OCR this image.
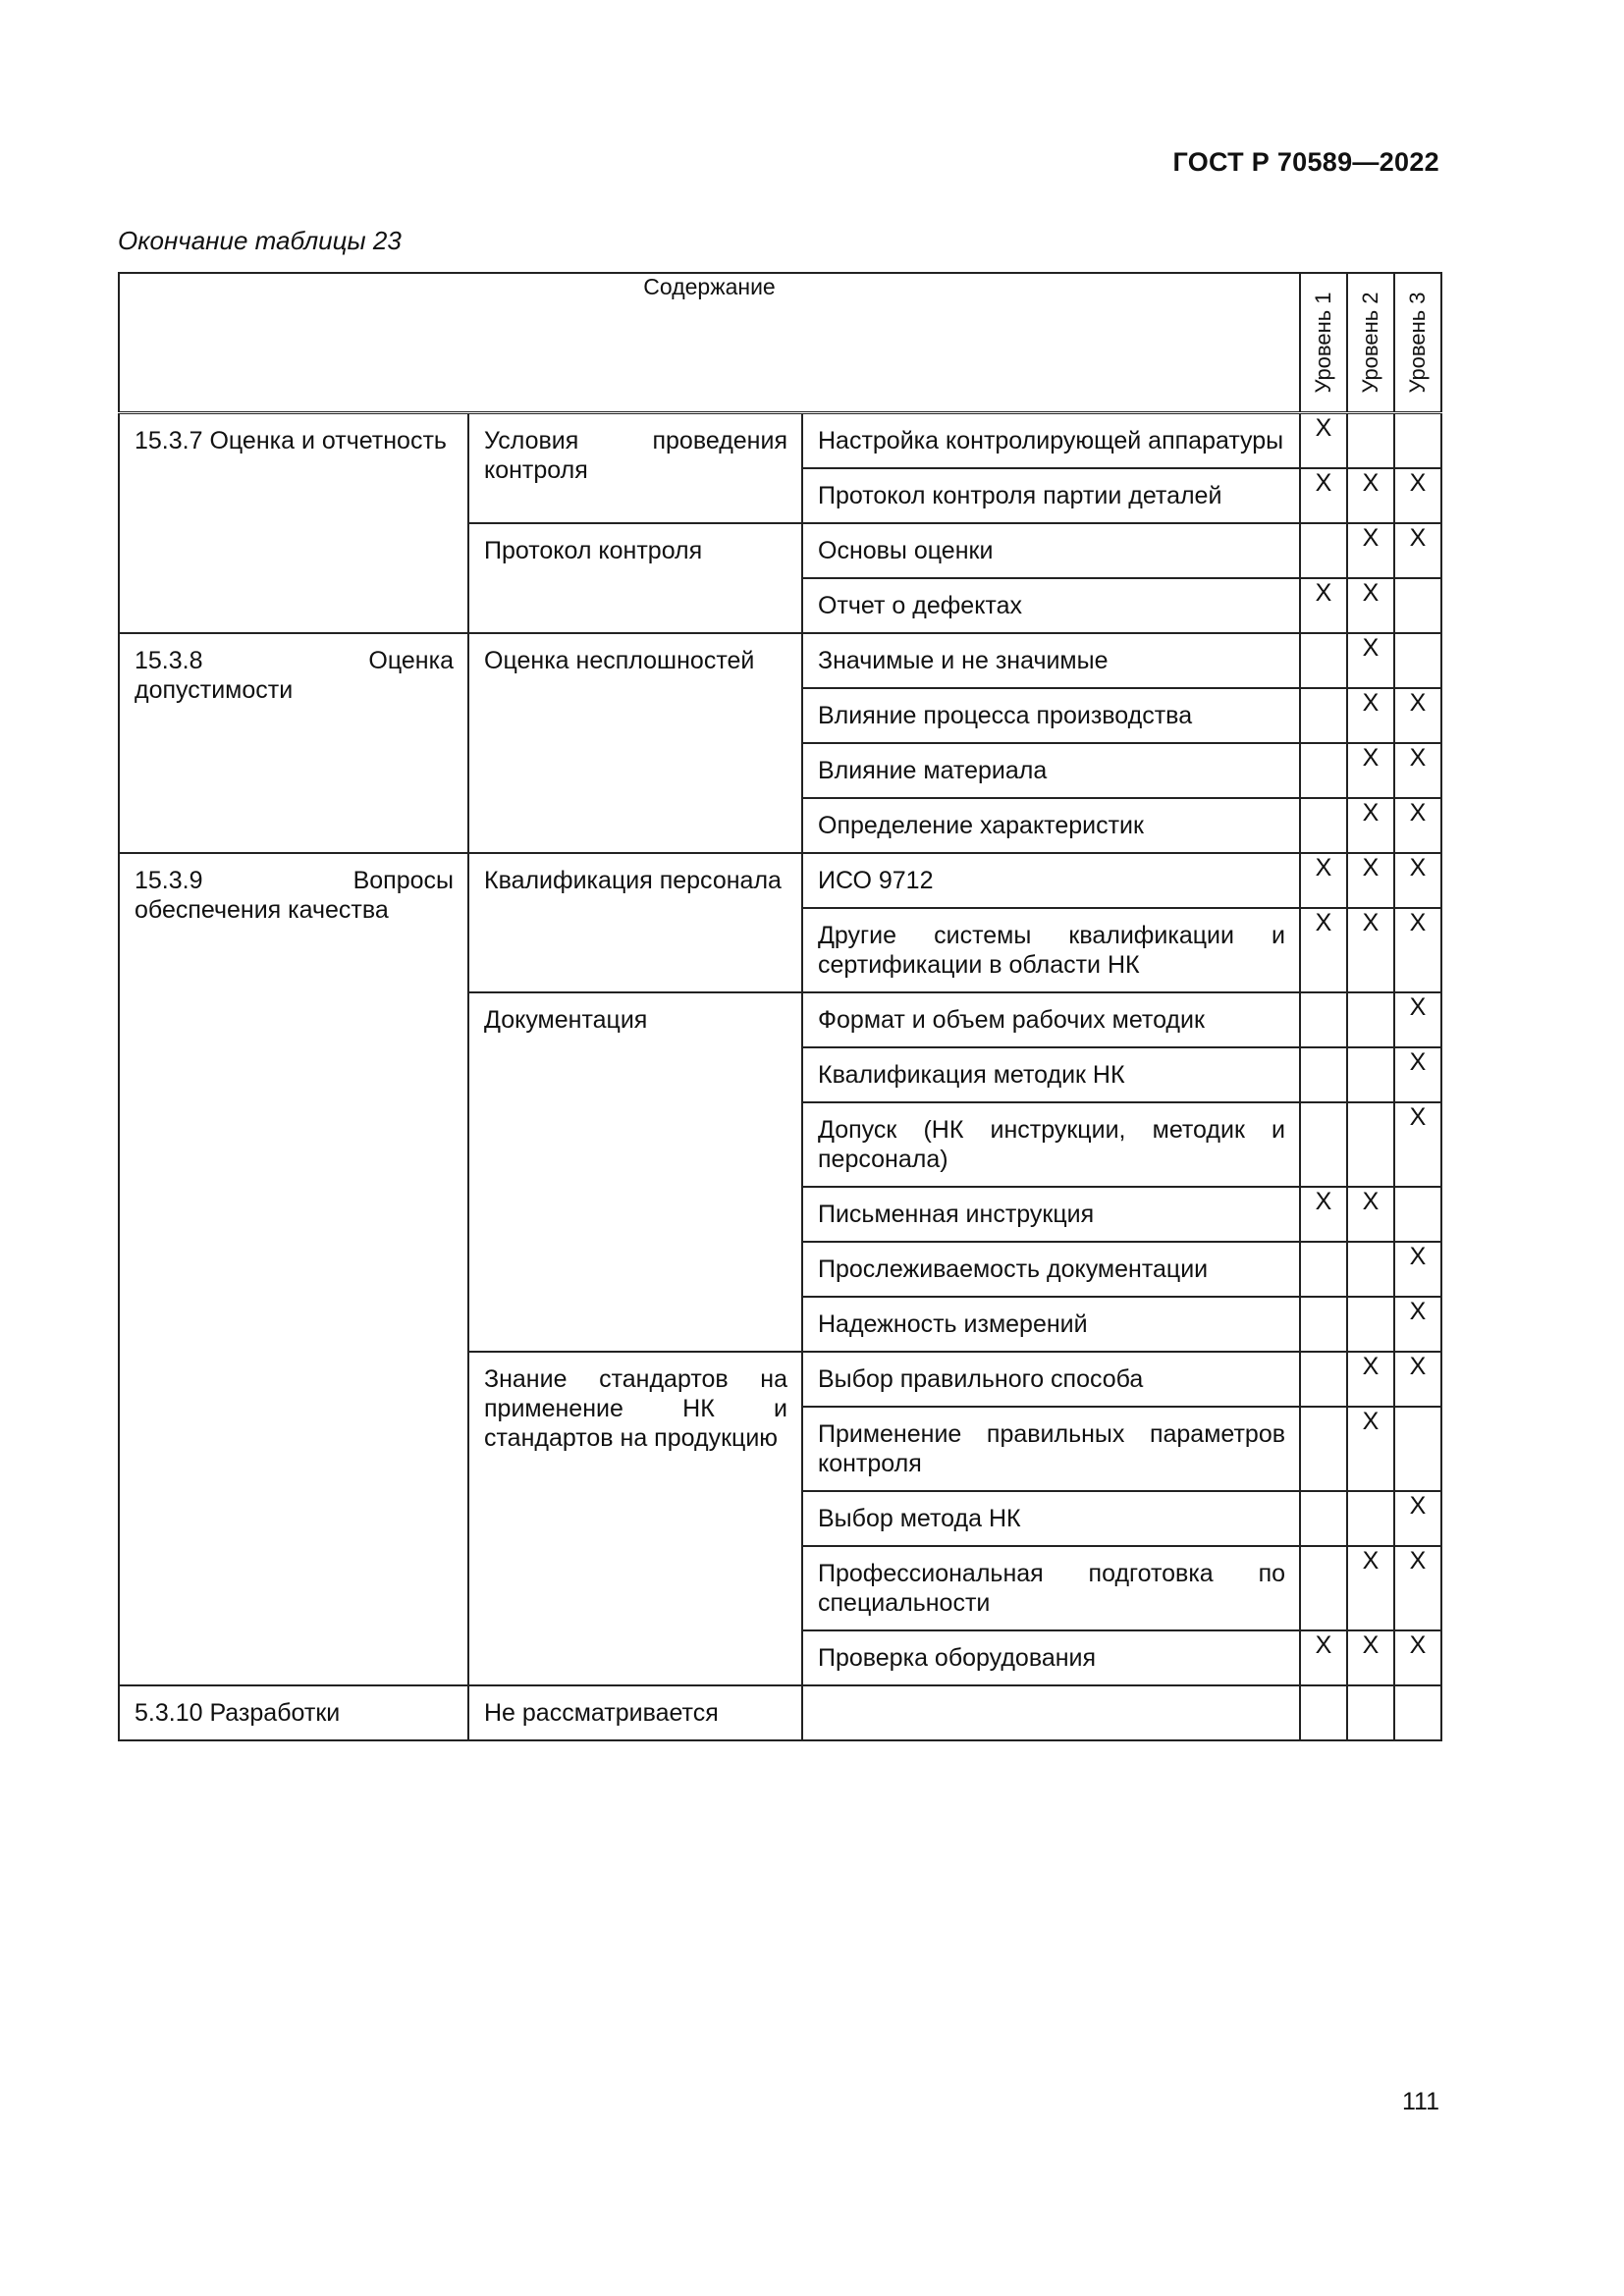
ГОСТ Р 70589—2022
Окончание таблицы 23
Содержание			Уровень 1	Уровень 2	Уровень 3

15.3.7 Оценка и отчетность	Условия проведения контроля	Настройка контролирующей аппаратуры	X		

		Протокол контроля партии деталей	X	X	X

	Протокол контроля	Основы оценки		X	X

		Отчет о дефектах	X	X	

15.3.8 Оценка допустимости	Оценка несплошностей	Значимые и не значимые		X	

		Влияние процесса производства		X	X

		Влияние материала		X	X

		Определение характеристик		X	X

15.3.9 Вопросы обеспечения качества	Квалификация персонала	ИСО 9712	X	X	X

		Другие системы квалификации и сертификации в области НК	X	X	X

	Документация	Формат и объем рабочих методик			X

		Квалификация методик НК			X

		Допуск (НК инструкции, методик и персонала)			X

		Письменная инструкция	X	X	

		Прослеживаемость документации			X

		Надежность измерений			X

	Знание стандартов на применение НК и стандартов на продукцию	Выбор правильного способа		X	X

		Применение правильных параметров контроля		X	

		Выбор метода НК			X

		Профессиональная подготовка по специальности		X	X

		Проверка оборудования	X	X	X

5.3.10 Разработки	Не рассматривается				

111
